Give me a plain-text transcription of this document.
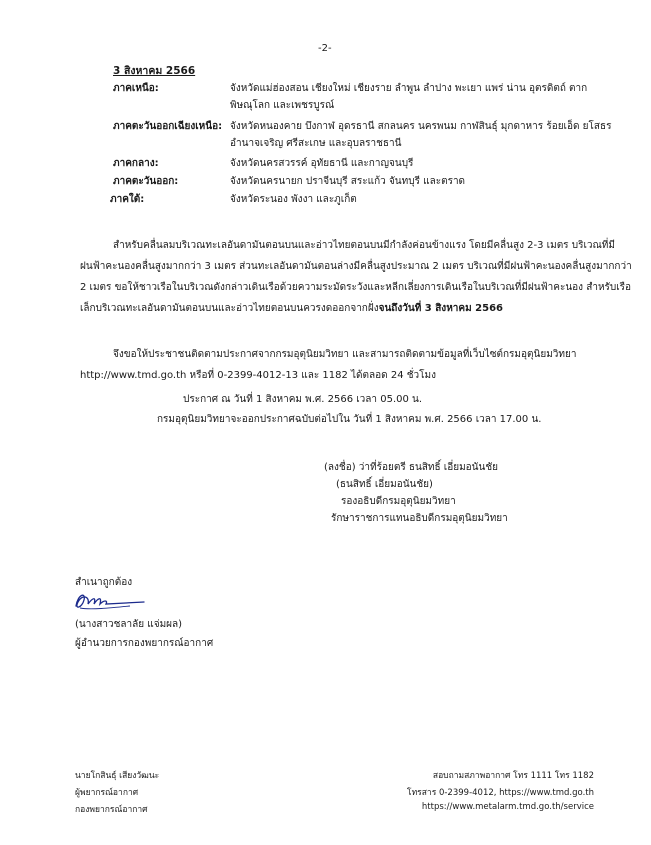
-2-
3 สิงหาคม 2566
ภาคเหนือ:	จังหวัดแม่ฮ่องสอน เชียงใหม่ เชียงราย ลำพูน ลำปาง พะเยา แพร่ น่าน อุตรดิตถ์ ตาก
พิษณุโลก และเพชรบูรณ์
ภาคตะวันออกเฉียงเหนือ: จังหวัดหนองคาย บึงกาฬ อุดรธานี สกลนคร นครพนม กาฬสินธุ์ มุกดาหาร ร้อยเอ็ด ยโสธร
อำนาจเจริญ ศรีสะเกษ และอุบลราชธานี
ภาคกลาง:	จังหวัดนครสวรรค์ อุทัยธานี และกาญจนบุรี
ภาคตะวันออก:	จังหวัดนครนายก ปราจีนบุรี สระแก้ว จันทบุรี และตราด
ภาคใต้:	จังหวัดระนอง พังงา และภูเก็ต
สำหรับคลื่นลมบริเวณทะเลอันดามันตอนบนและอ่าวไทยตอนบนมีกำลังค่อนข้างแรง โดยมีคลื่นสูง 2-3 เมตร บริเวณที่มี
ฝนฟ้าคะนองคลื่นสูงมากกว่า 3 เมตร ส่วนทะเลอันดามันตอนล่างมีคลื่นสูงประมาณ 2 เมตร บริเวณที่มีฝนฟ้าคะนองคลื่นสูงมากกว่า
2 เมตร ขอให้ชาวเรือในบริเวณดังกล่าวเดินเรือด้วยความระมัดระวังและหลีกเลี่ยงการเดินเรือในบริเวณที่มีฝนฟ้าคะนอง สำหรับเรือ
เล็กบริเวณทะเลอันดามันตอนบนและอ่าวไทยตอนบนควรงดออกจากฝั่งจนถึงวันที่ 3 สิงหาคม 2566
จึงขอให้ประชาชนติดตามประกาศจากกรมอุตุนิยมวิทยา และสามารถติดตามข้อมูลที่เว็บไซต์กรมอุตุนิยมวิทยา
http://www.tmd.go.th หรือที่ 0-2399-4012-13 และ 1182 ได้ตลอด 24 ชั่วโมง
ประกาศ ณ วันที่ 1 สิงหาคม พ.ศ. 2566 เวลา 05.00 น.
กรมอุตุนิยมวิทยาจะออกประกาศฉบับต่อไปใน วันที่ 1 สิงหาคม พ.ศ. 2566 เวลา 17.00 น.
(ลงชื่อ) ว่าที่ร้อยตรี ธนสิทธิ์ เอี่ยมอนันชัย
(ธนสิทธิ์ เอี่ยมอนันชัย)
รองอธิบดีกรมอุตุนิยมวิทยา
รักษาราชการแทนอธิบดีกรมอุตุนิยมวิทยา
สำเนาถูกต้อง
(นางสาวชลาลัย แจ่มผล)
ผู้อำนวยการกองพยากรณ์อากาศ
นายโกสินธุ์ เสียงวัฒนะ
ผู้พยากรณ์อากาศ
กองพยากรณ์อากาศ
สอบถามสภาพอากาศ โทร 1111 โทร 1182
โทรสาร 0-2399-4012, https://www.tmd.go.th
https://www.metalarm.tmd.go.th/service
